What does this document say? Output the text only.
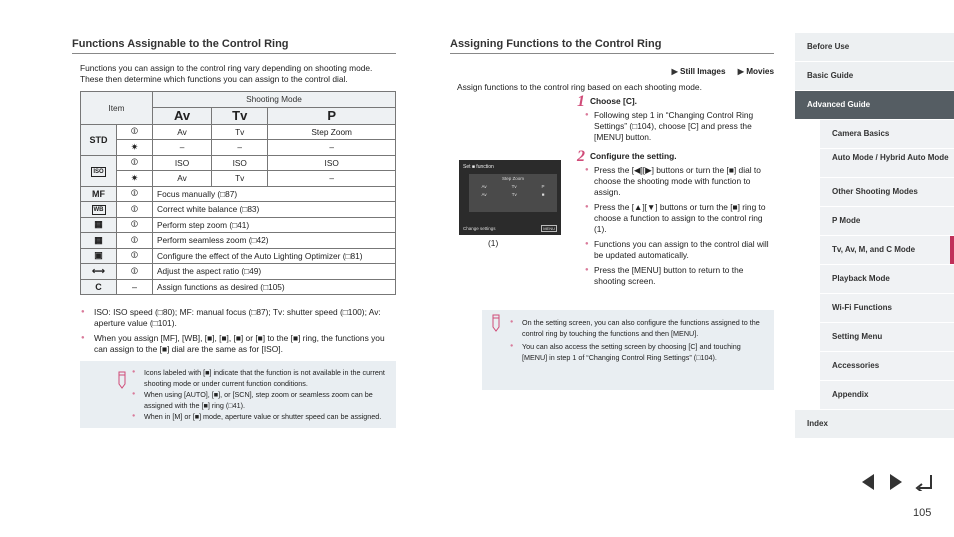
Functions Assignable to the Control Ring
Functions you can assign to the control ring vary depending on shooting mode. These then determine which functions you can assign to the control dial.
Item		Shooting Mode		
		Av	Tv	P
STD	⦷	Av	Tv	Step Zoom
	✷	–	–	–
ISO	⦷	ISO	ISO	ISO
	✷	Av	Tv	–
MF	⦷	Focus manually (□87)		
WB	⦷	Correct white balance (□83)		
▦	⦷	Perform step zoom (□41)		
▦	⦷	Perform seamless zoom (□42)		
▣	⦷	Configure the effect of the Auto Lighting Optimizer (□81)		
⟷	⦷	Adjust the aspect ratio (□49)		
C	–	Assign functions as desired (□105)		
● ISO: ISO speed (□80); MF: manual focus (□87); Tv: shutter speed (□100); Av: aperture value (□101).
● When you assign [MF], [WB], [■], [■], [■] or [■] to the [■] ring, the functions you can assign to the [■] dial are the same as for [ISO].
● Icons labeled with [■] indicate that the function is not available in the current shooting mode or under current function conditions.
● When using [AUTO], [■], or [SCN], step zoom or seamless zoom can be assigned with the [■] ring (□41).
● When in [M] or [■] mode, aperture value or shutter speed can be assigned.
Assigning Functions to the Control Ring
▶ Still Images ▶ Movies
Assign functions to the control ring based on each shooting mode.
Set ■ function
Step Zoom
Av	Tv	P
Av	Tv	■
Change settings	MENU
(1)
1 Choose [C].
● Following step 1 in “Changing Control Ring Settings” (□104), choose [C] and press the [MENU] button.
2 Configure the setting.
● Press the [◀][▶] buttons or turn the [■] dial to choose the shooting mode with function to assign.
● Press the [▲][▼] buttons or turn the [■] ring to choose a function to assign to the control ring (1).
● Functions you can assign to the control dial will be updated automatically.
● Press the [MENU] button to return to the shooting screen.
● On the setting screen, you can also configure the functions assigned to the control ring by touching the functions and then [MENU].
● You can also access the setting screen by choosing [C] and touching [MENU] in step 1 of “Changing Control Ring Settings” (□104).
Before Use
Basic Guide
Advanced Guide
Camera Basics
Auto Mode / Hybrid Auto Mode
Other Shooting Modes
P Mode
Tv, Av, M, and C Mode
Playback Mode
Wi-Fi Functions
Setting Menu
Accessories
Appendix
Index
105
